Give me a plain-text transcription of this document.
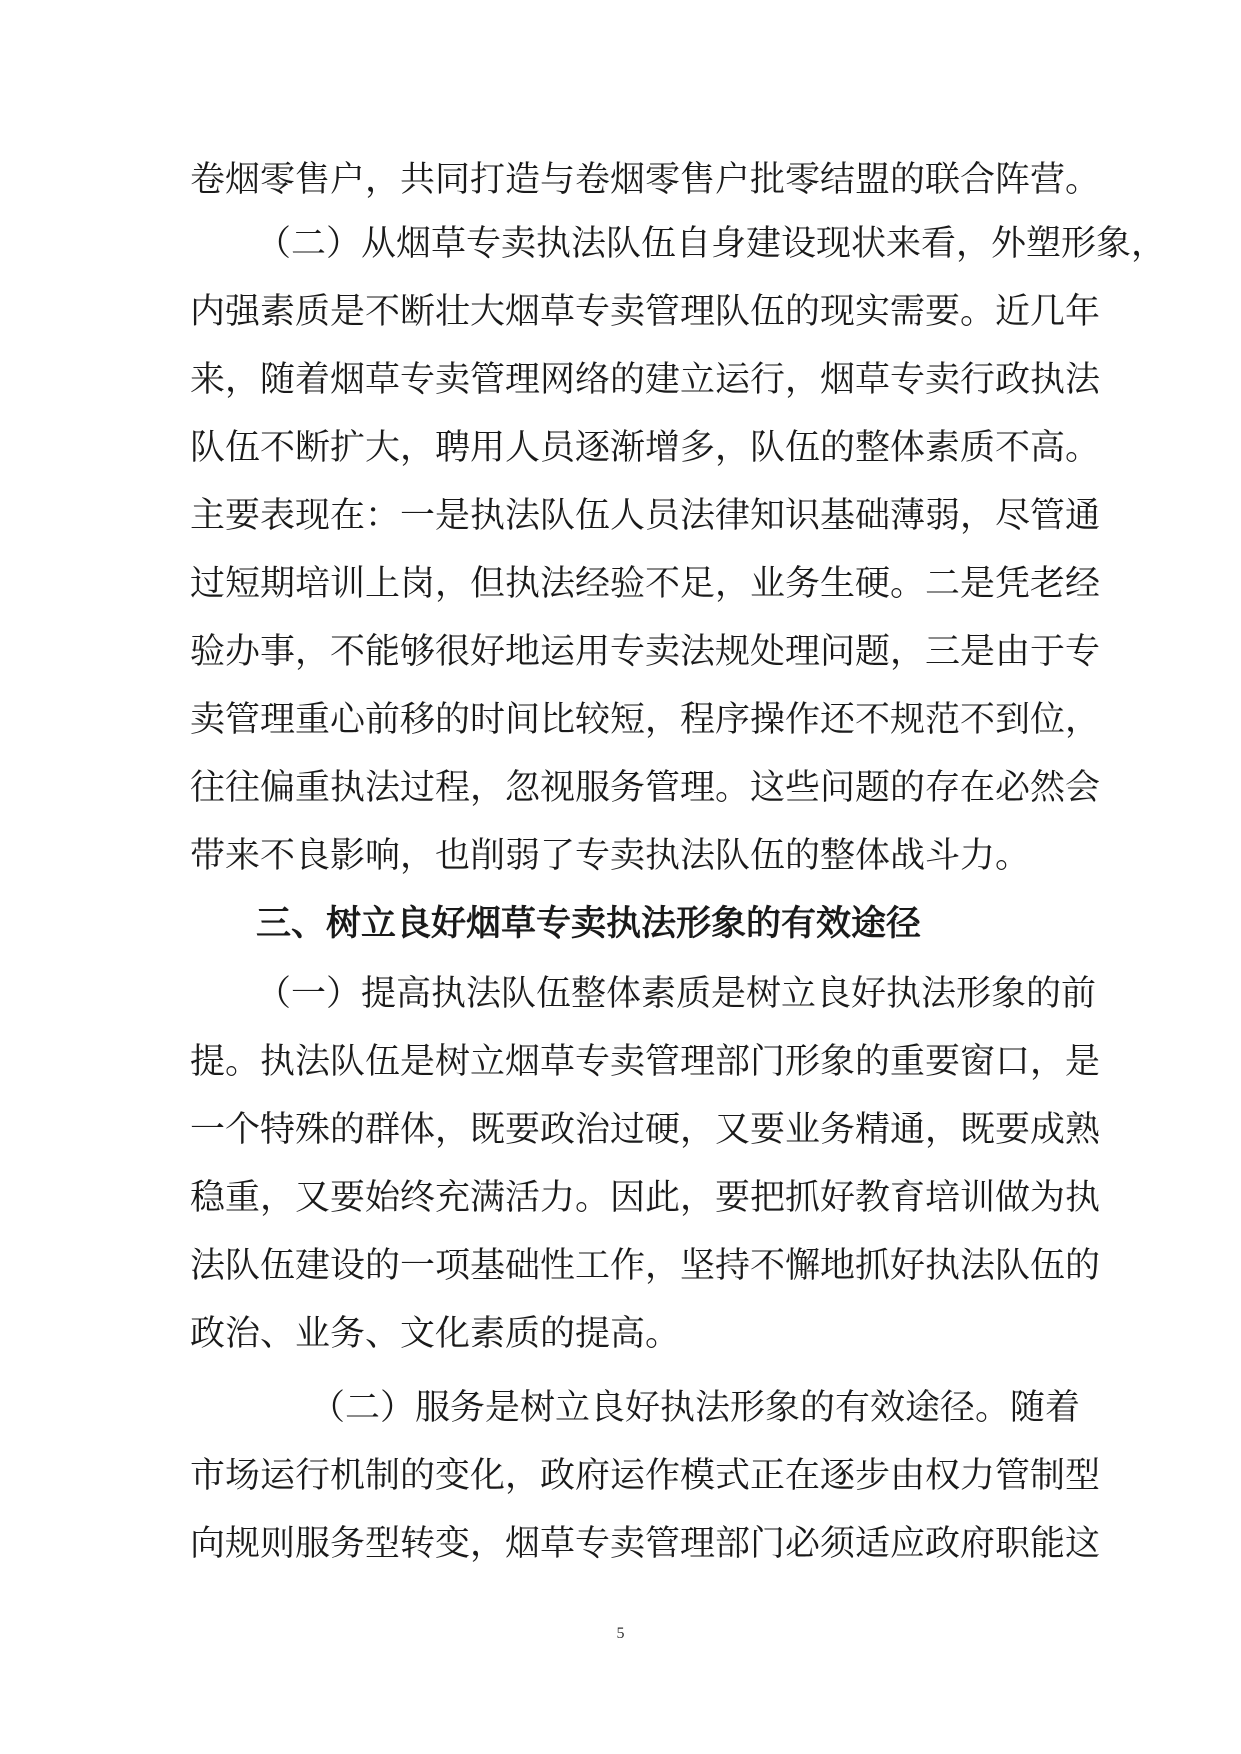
卷烟零售户，共同打造与卷烟零售户批零结盟的联合阵营。
（二）从烟草专卖执法队伍自身建设现状来看，外塑形象，
内强素质是不断壮大烟草专卖管理队伍的现实需要。近几年
来，随着烟草专卖管理网络的建立运行，烟草专卖行政执法
队伍不断扩大，聘用人员逐渐增多，队伍的整体素质不高。
主要表现在：一是执法队伍人员法律知识基础薄弱，尽管通
过短期培训上岗，但执法经验不足，业务生硬。二是凭老经
验办事，不能够很好地运用专卖法规处理问题，三是由于专
卖管理重心前移的时间比较短，程序操作还不规范不到位，
往往偏重执法过程，忽视服务管理。这些问题的存在必然会
带来不良影响，也削弱了专卖执法队伍的整体战斗力。
三、树立良好烟草专卖执法形象的有效途径
（一）提高执法队伍整体素质是树立良好执法形象的前
提。执法队伍是树立烟草专卖管理部门形象的重要窗口，是
一个特殊的群体，既要政治过硬，又要业务精通，既要成熟
稳重，又要始终充满活力。因此，要把抓好教育培训做为执
法队伍建设的一项基础性工作，坚持不懈地抓好执法队伍的
政治、业务、文化素质的提高。
（二）服务是树立良好执法形象的有效途径。随着
市场运行机制的变化，政府运作模式正在逐步由权力管制型
5
向规则服务型转变，烟草专卖管理部门必须适应政府职能这
